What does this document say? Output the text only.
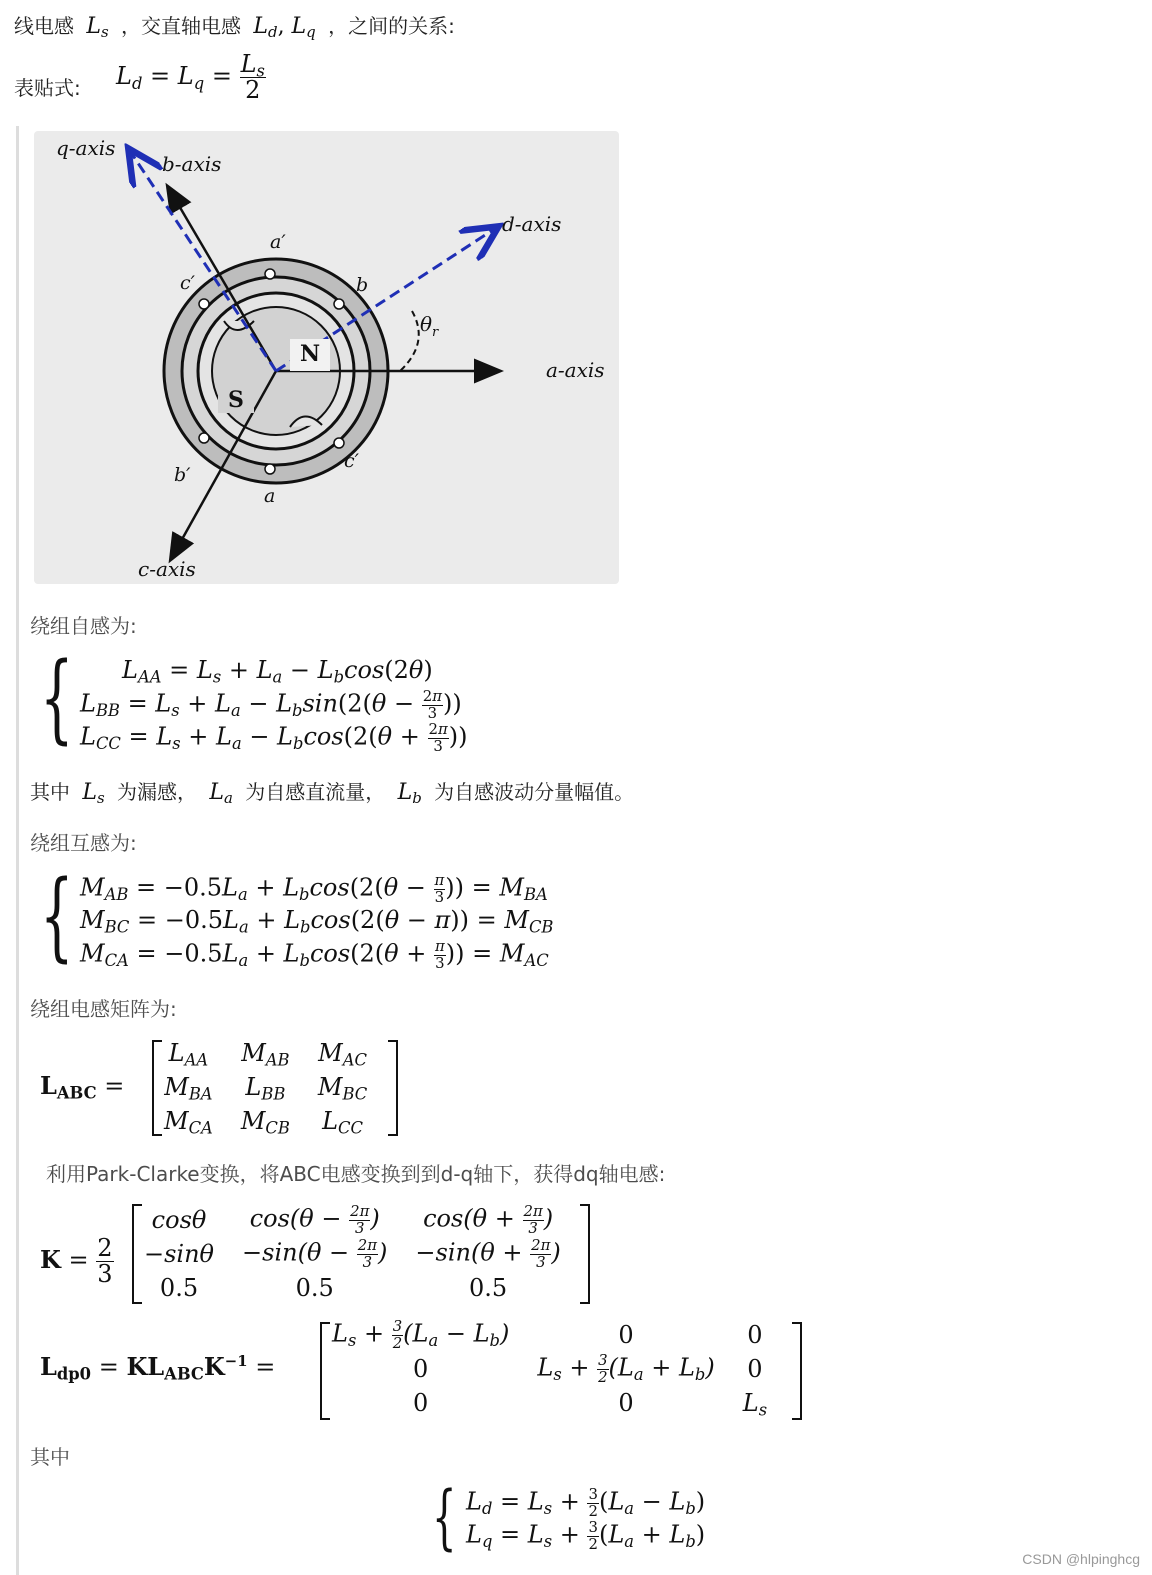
线电感 $L_s$ ，交直轴电感 $L_d$, $L_q$ ，之间的关系:
表贴式: $L_d = L_q = \frac{L_s}{2}$
q-axis
b-axis
d-axis
a-axis
c-axis
$\theta_r$
N
S
a′
b
c′
b′
c′
a
绕组自感为:
{ $L_{AA} = L_s + L_a - L_b\cos(2\theta)$
$L_{BB} = L_s + L_a - L_b\sin(2(\theta - \frac{2\pi}{3}$ ))
$L_{CC} = L_s + L_a - L_b\cos(2(\theta + \frac{2\pi}{3}$ ))
其中 $L_s$ 为漏感， $L_a$ 为自感直流量， $L_b$ 为自感波动分量幅值。
绕组互感为:
{ $M_{AB} = -0.5L_a + L_b\cos(2(\theta - \frac{\pi}{3}$ )) = $M_{BA}$
$M_{BC} = -0.5L_a + L_b\cos(2(\theta - \pi)) = M_{CB}$
$M_{CA} = -0.5L_a + L_b\cos(2(\theta + \frac{\pi}{3}$ )) = $M_{AC}$
绕组电感矩阵为:
$L_{ABC}$ =
$L_{AA}$	$M_{AB}$	$M_{AC}$
$M_{BA}$	$L_{BB}$	$M_{BC}$
$M_{CA}$	$M_{CB}$	$L_{CC}$
利用Park-Clarke变换，将ABC电感变换到到d-q轴下，获得dq轴电感:
$K = \frac{2}{3}$
cosθ	$\cos(\theta - \frac{2\pi}{3}$ )	$\cos(\theta + \frac{2\pi}{3}$ )
−sinθ	$-\sin(\theta - \frac{2\pi}{3}$ )	$-\sin(\theta + \frac{2\pi}{3}$ )
0.5	0.5	0.5
$L_{dp0} = KL_{ABC}K^{-1}$ =
$L_s + \frac{3}{2} (L_a - L_b)$	0	0
0	$L_s + \frac{3}{2} (L_a + L_b)$	0
0	0	$L_s$
其中
{ $L_d = L_s + \frac{3}{2} (L_a - L_b)$
$L_q = L_s + \frac{3}{2} (L_a + L_b)$
CSDN @hlpinghcg
